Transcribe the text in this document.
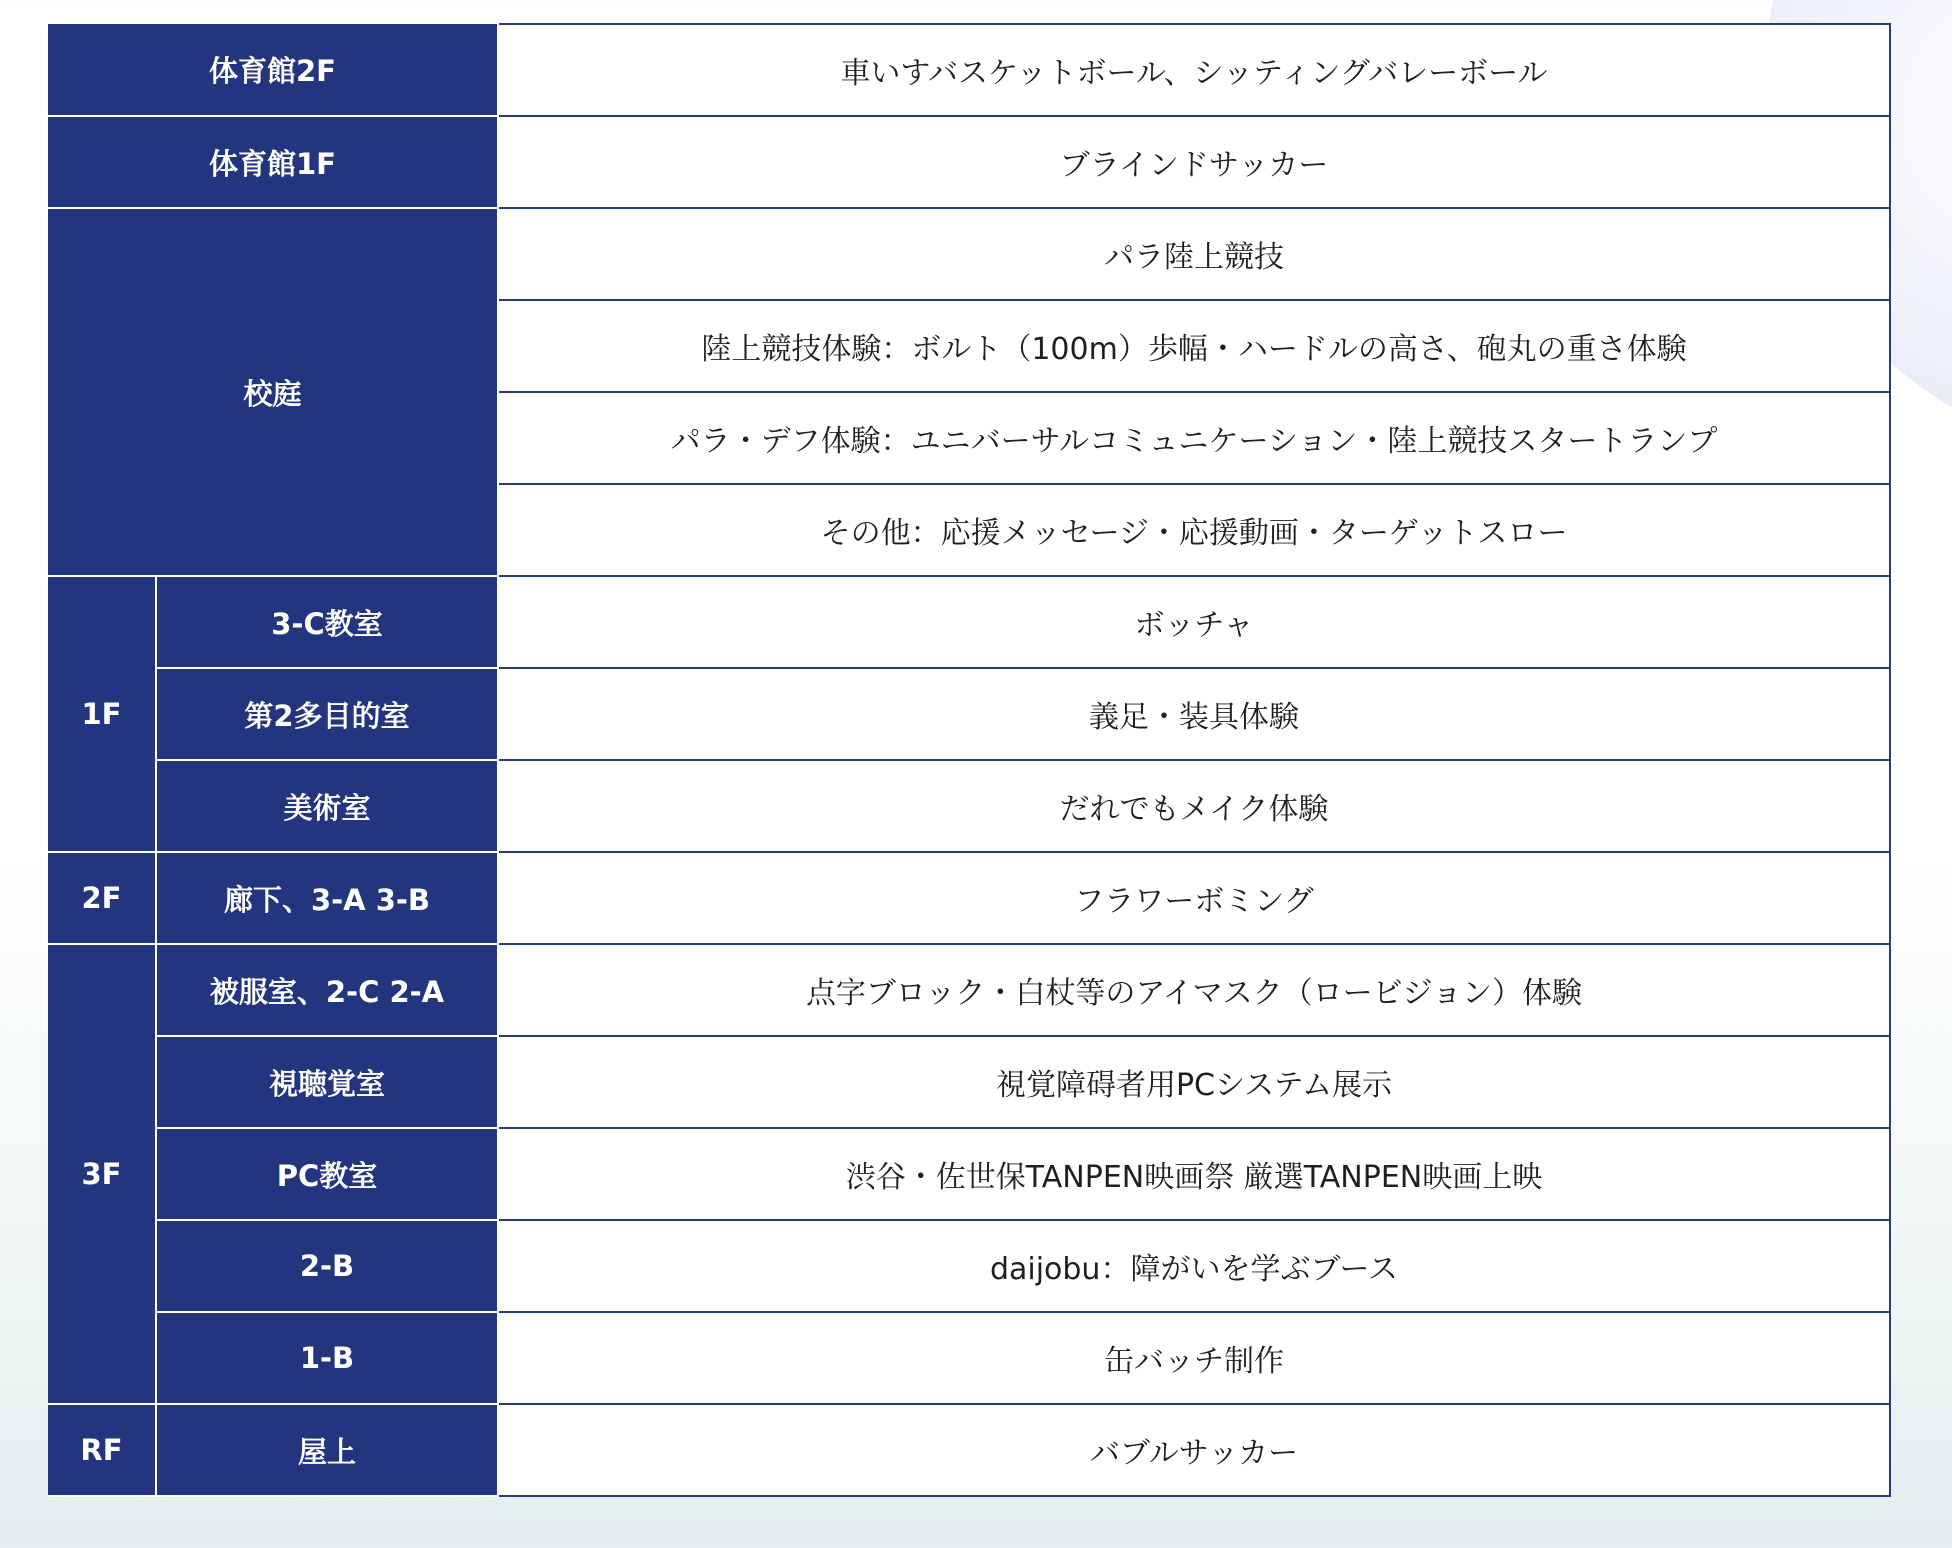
体育館2F		車いすバスケットボール、シッティングバレーボール
体育館1F		ブラインドサッカー
校庭		パラ陸上競技
		陸上競技体験：ボルト（100m）歩幅・ハードルの高さ、砲丸の重さ体験
		パラ・デフ体験：ユニバーサルコミュニケーション・陸上競技スタートランプ
		その他：応援メッセージ・応援動画・ターゲットスロー
1F	3-C教室	ボッチャ
	第2多目的室	義足・装具体験
	美術室	だれでもメイク体験
2F	廊下、3-A 3-B	フラワーボミング
3F	被服室、2-C 2-A	点字ブロック・白杖等のアイマスク（ロービジョン）体験
	視聴覚室	視覚障碍者用PCシステム展示
	PC教室	渋谷・佐世保TANPEN映画祭 厳選TANPEN映画上映
	2-B	daijobu：障がいを学ぶブース
	1-B	缶バッチ制作
RF	屋上	バブルサッカー
